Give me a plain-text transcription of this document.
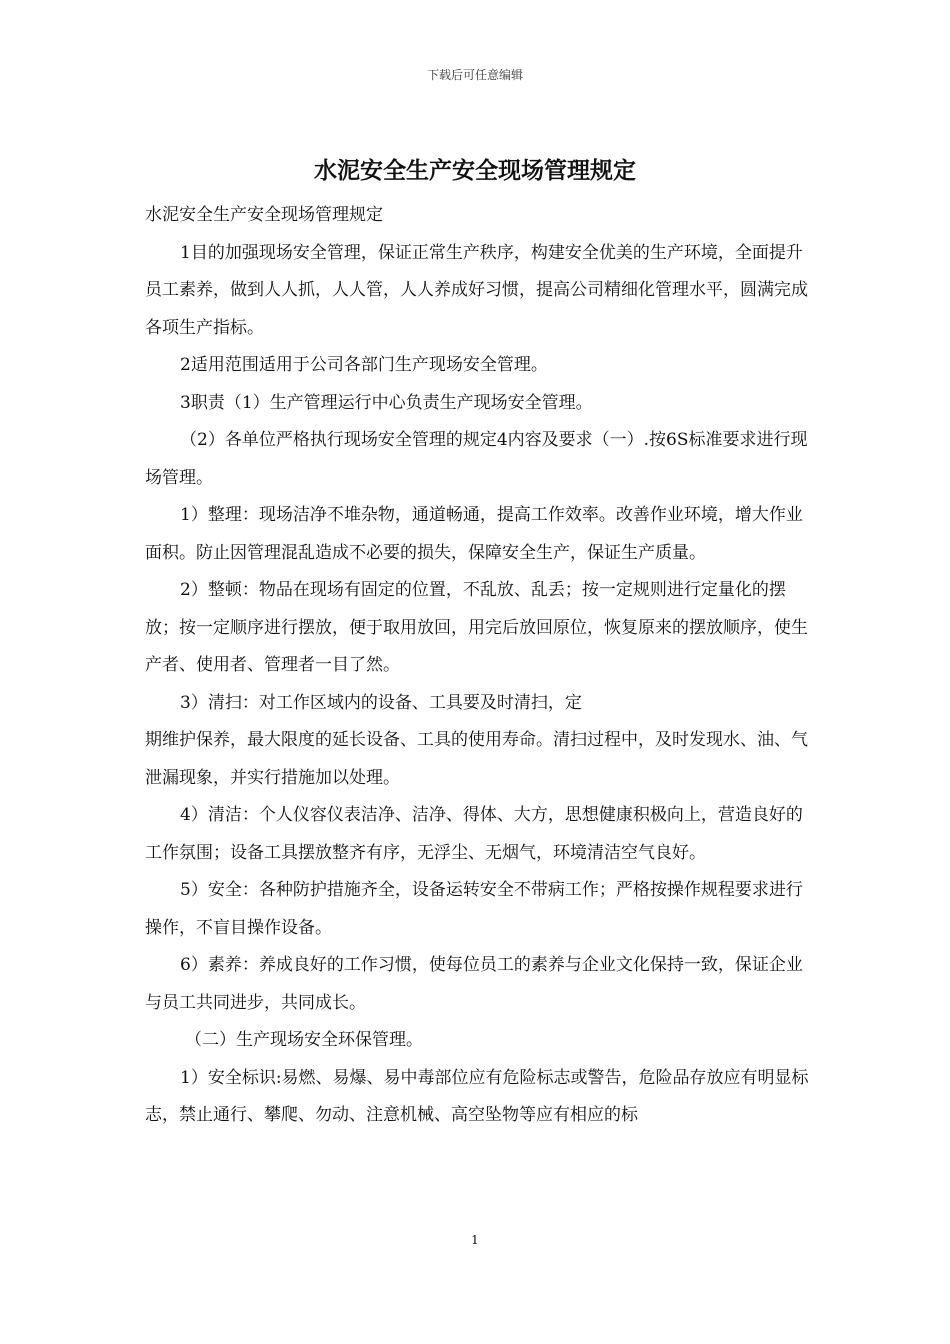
下载后可任意编辑
水泥安全生产安全现场管理规定

水泥安全生产安全现场管理规定

1目的加强现场安全管理，保证正常生产秩序，构建安全优美的生产环境，全面提升员工素养，做到人人抓，人人管，人人养成好习惯，提高公司精细化管理水平，圆满完成各项生产指标。

2适用范围适用于公司各部门生产现场安全管理。

3职责（1）生产管理运行中心负责生产现场安全管理。

（2）各单位严格执行现场安全管理的规定4内容及要求（一）.按6S标准要求进行现场管理。

1）整理：现场洁净不堆杂物，通道畅通，提高工作效率。改善作业环境，增大作业面积。防止因管理混乱造成不必要的损失，保障安全生产，保证生产质量。

2）整顿：物品在现场有固定的位置，不乱放、乱丢；按一定规则进行定量化的摆放；按一定顺序进行摆放，便于取用放回，用完后放回原位，恢复原来的摆放顺序，使生产者、使用者、管理者一目了然。

3）清扫：对工作区域内的设备、工具要及时清扫，定

期维护保养，最大限度的延长设备、工具的使用寿命。清扫过程中，及时发现水、油、气泄漏现象，并实行措施加以处理。

4）清洁：个人仪容仪表洁净、洁净、得体、大方，思想健康积极向上，营造良好的工作氛围；设备工具摆放整齐有序，无浮尘、无烟气，环境清洁空气良好。

5）安全：各种防护措施齐全，设备运转安全不带病工作；严格按操作规程要求进行操作，不盲目操作设备。

6）素养：养成良好的工作习惯，使每位员工的素养与企业文化保持一致，保证企业与员工共同进步，共同成长。

（二）生产现场安全环保管理。

1）安全标识:易燃、易爆、易中毒部位应有危险标志或警告，危险品存放应有明显标志，禁止通行、攀爬、勿动、注意机械、高空坠物等应有相应的标

1
